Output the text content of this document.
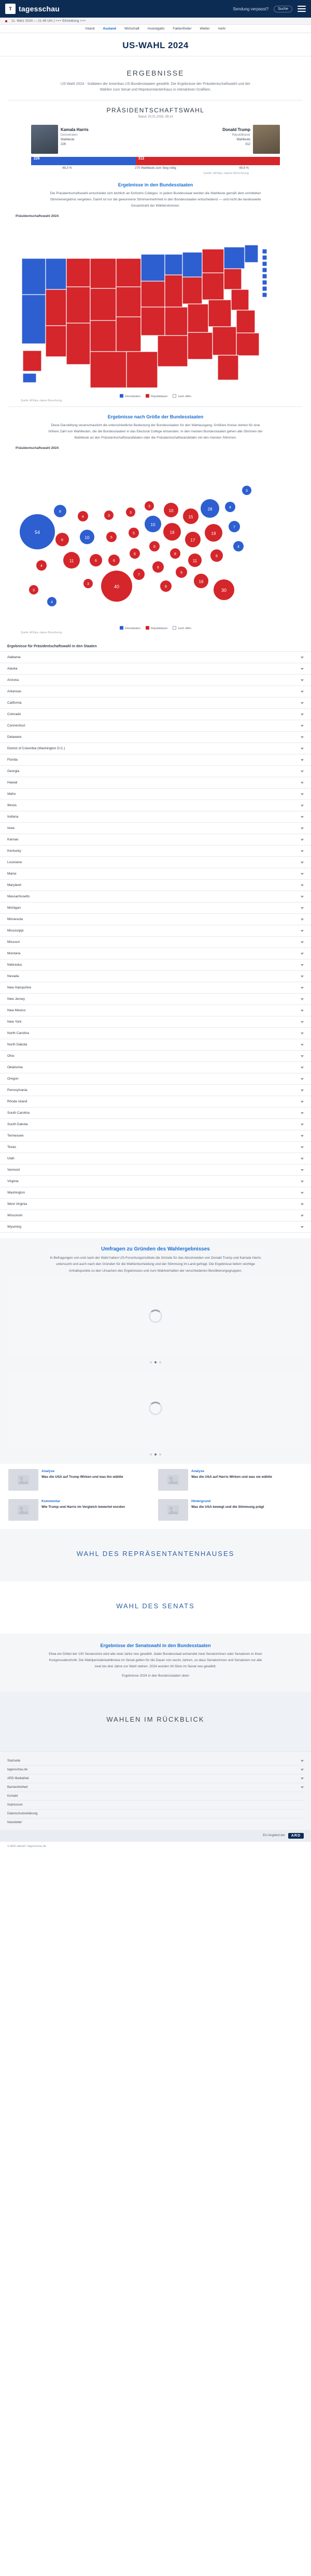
T tagesschau	Sendung verpasst?	Suche
11. März 2024 — 21:48 Uhr | +++ Eilmeldung +++
Inland Ausland Wirtschaft Investigativ Faktenfinder Wetter mehr
US-WAHL 2024
ERGEBNISSE
US-Wahl 2024 - Soldaten der Amerikas US-Bundesstaaten gewählt. Die Ergebnisse der Präsidentschaftswahl und der Wahlen zum Senat und Repräsentantenhaus in interaktiven Grafiken.
PRÄSIDENTSCHAFTSWAHL
Stand: 20.01.2025, 08:14
Kamala Harris
Demokraten
Wahlleute
226
Donald Trump
Republikaner
Wahlleute
312
226	312
48,3 %	270 Wahlleute zum Sieg nötig	49,9 %
Quelle: AP/dpa, eigene Berechnung
Ergebnisse in den Bundesstaaten
Die Präsidentschaftswahl entscheidet sich letztlich an fünfzehn Colleges. In jedem Bundesstaat werden die Wahlleute gemäß dem ermittelten Stimmenergebnis vergeben. Damit ist nur die gewonnene Stimmenmehrheit in den Bundesstaaten entscheidend — und nicht die landesweite Gesamtzahl der Wählerstimmen.
Präsidentschaftswahl 2024
Demokraten	Republikaner	noch offen
Quelle: AP/dpa, eigene Berechnung
Ergebnisse nach Größe der Bundesstaaten
Diese Darstellung veranschaulicht die unterschiedliche Bedeutung der Bundesstaaten für den Wahlausgang. Größere Kreise stehen für eine höhere Zahl von Wahlleuten, die die Bundesstaaten in das Electoral College entsenden. In den meisten Bundesstaaten gehen alle Stimmen der Wahlleute an den Präsidentschaftskandidaten oder die Präsidentschaftskandidatin mit den meisten Stimmen.
Präsidentschaftswahl 2024
54
4
8
6
11
4
10
6
3
3
5
6
40
3
5
6
7
3
10
6
6
8
10
19
8
9
15
17
11
16
28
19
8
30
4
7
4
3
3
4
Demokraten	Republikaner	noch offen
Quelle: AP/dpa, eigene Berechnung
Ergebnisse für Präsidentschaftswahl in den Staaten
Alabama
Alaska
Arizona
Arkansas
California
Colorado
Connecticut
Delaware
District of Columbia (Washington D.C.)
Florida
Georgia
Hawaii
Idaho
Illinois
Indiana
Iowa
Kansas
Kentucky
Louisiana
Maine
Maryland
Massachusetts
Michigan
Minnesota
Mississippi
Missouri
Montana
Nebraska
Nevada
New Hampshire
New Jersey
New Mexico
New York
North Carolina
North Dakota
Ohio
Oklahoma
Oregon
Pennsylvania
Rhode Island
South Carolina
South Dakota
Tennessee
Texas
Utah
Vermont
Virginia
Washington
West Virginia
Wisconsin
Wyoming
Umfragen zu Gründen des Wahlergebnisses
In Befragungen von und nach der Wahl haben US-Forschungsinstitute die Gründe für das Abschneiden von Donald Trump und Kamala Harris untersucht und auch nach den Gründen für die Wahlentscheidung und der Stimmung im Land gefragt. Die Ergebnisse liefern wichtige Anhaltspunkte zu den Ursachen des Ergebnisses und zum Wahlverhalten der verschiedenen Bevölkerungsgruppen.
Analyse
Was die USA auf Trump Wirken und was ihn wählte
Analyse
Was die USA auf Harris Wirken und was sie wählte
Kommentar
Wie Trump und Harris im Vergleich bewertet wurden
Hintergrund
Was die USA bewegt und die Stimmung prägt
WAHL DES REPRÄSENTANTENHAUSES
WAHL DES SENATS
Ergebnisse der Senatswahl in den Bundesstaaten
Etwa ein Drittel der 100 Senatssitze wird alle zwei Jahre neu gewählt. Jeder Bundesstaat entsendet zwei Senatorinnen oder Senatoren in ihren Kongressabschnitt. Die Wahlperiode/wahlkreise im Senat gelten für die Dauer von sechs Jahren, so dass Senatorinnen und Senatoren nur alle zwei bis drei Jahre zur Wahl stehen. 2024 wurden 34 Sitze im Senat neu gewählt.
Ergebnisse 2024 in den Bundesstaaten oben
WAHLEN IM RÜCKBLICK
Startseite
tagesschau.de
ARD Mediathek
Barrierefreiheit
Kontakt
Impressum
Datenschutzerklärung
Newsletter
Ein Angebot der	ARD
© ARD-aktuell / tagesschau.de
